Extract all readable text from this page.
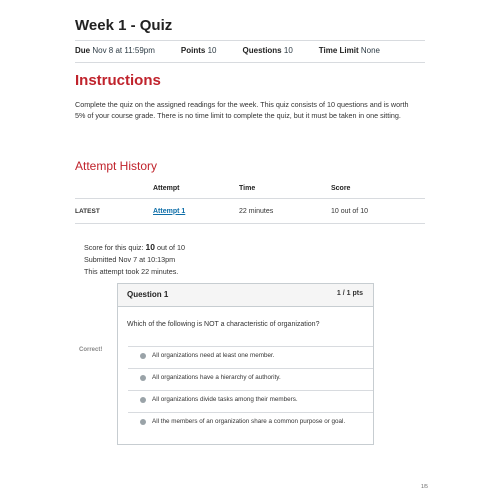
Week 1 - Quiz
Due Nov 8 at 11:59pm	Points 10	Questions 10	Time Limit None
Instructions
Complete the quiz on the assigned readings for the week. This quiz consists of 10 questions and is worth 5% of your course grade. There is no time limit to complete the quiz, but it must be taken in one sitting.
Attempt History
	Attempt	Time	Score
LATEST	Attempt 1	22 minutes	10 out of 10
Score for this quiz: 10 out of 10
Submitted Nov 7 at 10:13pm
This attempt took 22 minutes.
Correct!
Question 1	1 / 1 pts
Which of the following is NOT a characteristic of organization?
All organizations need at least one member.
All organizations have a hierarchy of authority.
All organizations divide tasks among their members.
All the members of an organization share a common purpose or goal.
1/5
